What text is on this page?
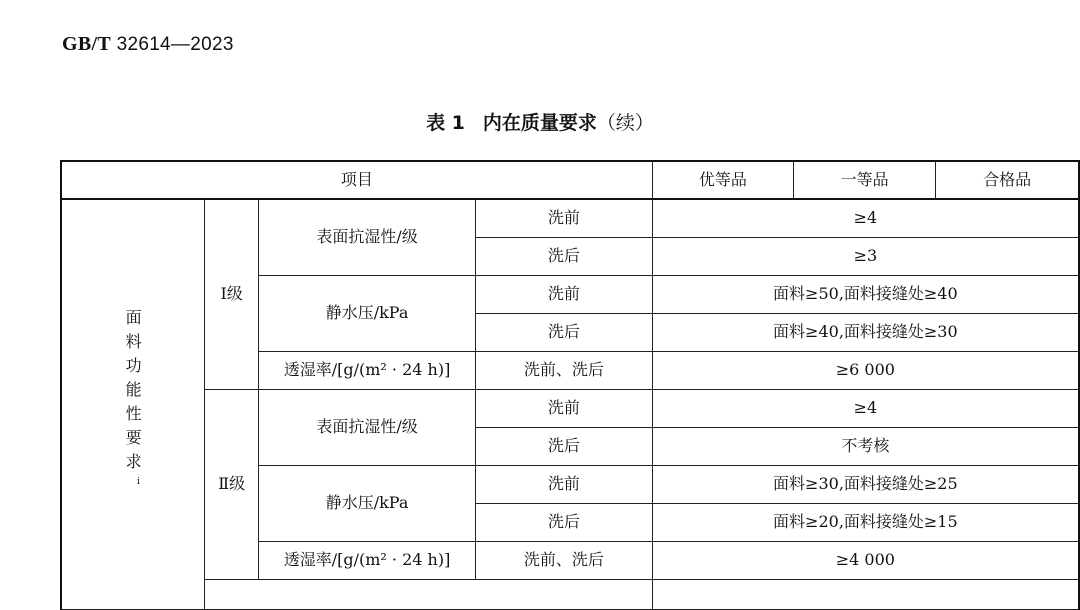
GB/T 32614—2023
表 1 内在质量要求（续）
项目				优等品	一等品	合格品
面料功能性要求$^i$	Ⅰ级	表面抗湿性/级	洗前	≥4		
			洗后	≥3		
		静水压/kPa	洗前	面料≥50,面料接缝处≥40		
			洗后	面料≥40,面料接缝处≥30		
		透湿率/[g/(m² · 24 h)]	洗前、洗后	≥6 000		
	Ⅱ级	表面抗湿性/级	洗前	≥4		
			洗后	不考核		
		静水压/kPa	洗前	面料≥30,面料接缝处≥25		
			洗后	面料≥20,面料接缝处≥15		
		透湿率/[g/(m² · 24 h)]	洗前、洗后	≥4 000		
